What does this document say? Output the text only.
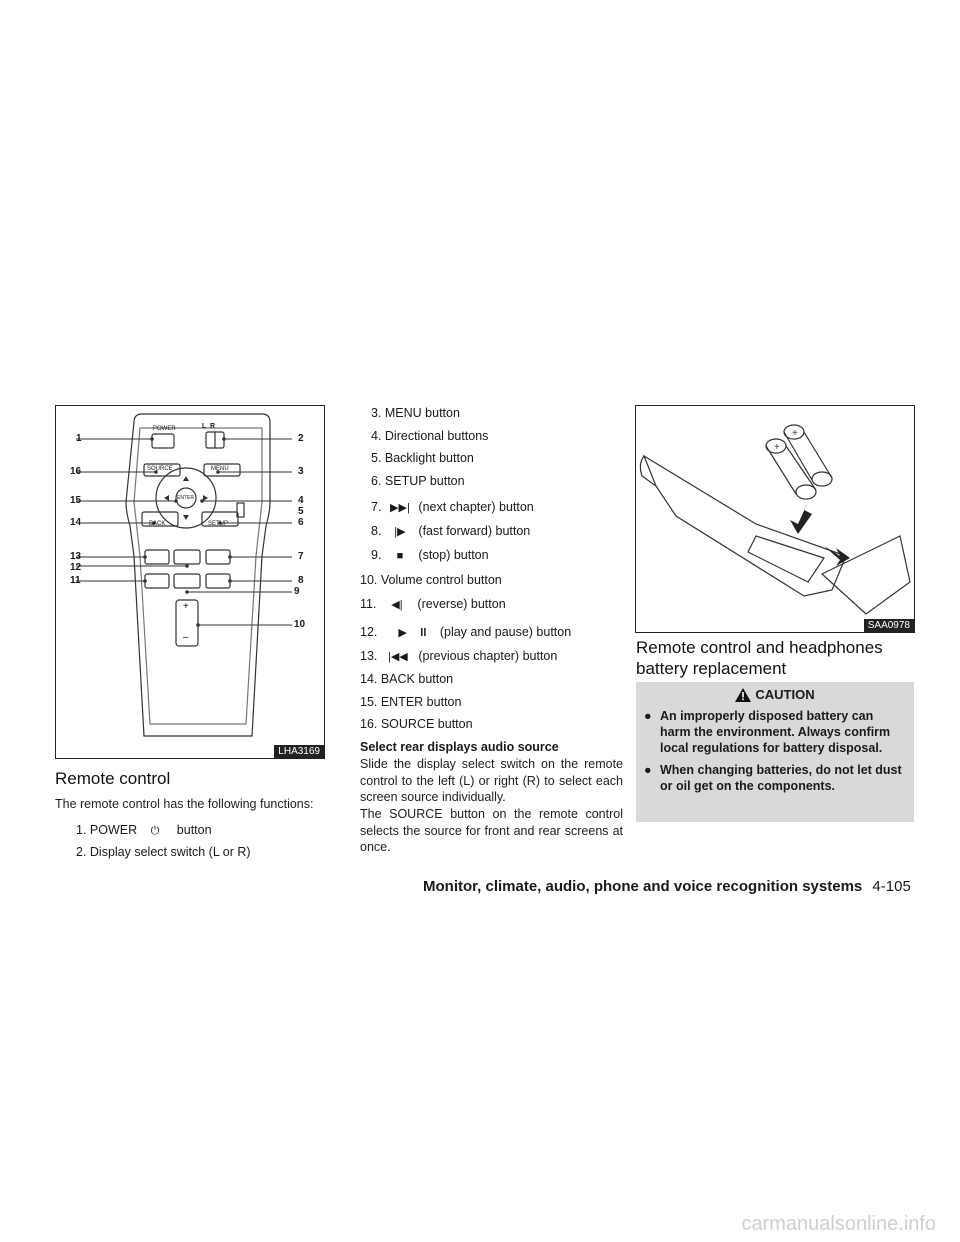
POWER	L  R
SOURCE	MENU
ENTER
BACK	SETUP
+
–
1
16
15
14
13
12
11
2
3
4
5
6
7
8
9
10
LHA3169
Remote control
The remote control has the following functions:
1. POWER ⏻ button
2. Display select switch (L or R)
3. MENU button
4. Directional buttons
5. Backlight button
6. SETUP button
7. ▶▶| (next chapter) button
8. |▶ (fast forward) button
9. ■ (stop) button
10. Volume control button
11. ◀| (reverse) button
12. ▶ ll (play and pause) button
13. |◀◀ (previous chapter) button
14. BACK button
15. ENTER button
16. SOURCE button
Select rear displays audio source
Slide the display select switch on the remote control to the left (L) or right (R) to select each screen source individually.
The SOURCE button on the remote control selects the source for front and rear screens at once.
+
+
SAA0978
Remote control and headphones battery replacement
CAUTION
● An improperly disposed battery can harm the environment. Always confirm local regulations for battery disposal.
● When changing batteries, do not let dust or oil get on the components.
Monitor, climate, audio, phone and voice recognition systems 4-105
carmanualsonline.info
